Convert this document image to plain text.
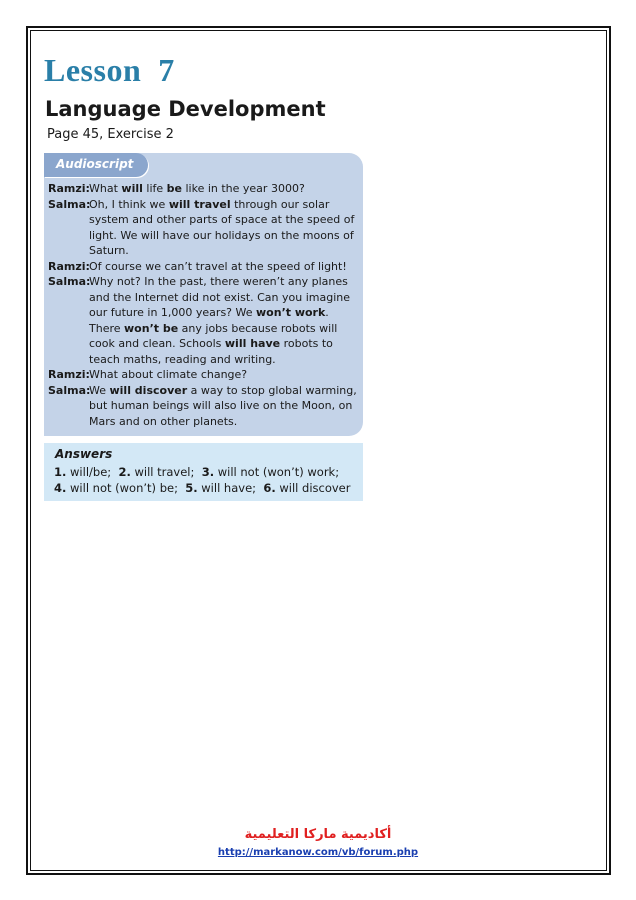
Lesson  7
Language Development
Page 45, Exercise 2
Audioscript
Ramzi: What will life be like in the year 3000?
Salma:
Oh, I think we will travel through our solar system and other parts of space at the speed of light. We will have our holidays on the moons of Saturn.
Ramzi: Of course we can’t travel at the speed of light!
Salma:
Why not? In the past, there weren’t any planes and the Internet did not exist. Can you imagine our future in 1,000 years? We won’t work. There won’t be any jobs because robots will cook and clean. Schools will have robots to teach maths, reading and writing.
Ramzi: What about climate change?
Salma:
We will discover a way to stop global warming, but human beings will also live on the Moon, on Mars and on other planets.
Answers
1. will/be;  2. will travel;  3. will not (won’t) work;
4. will not (won’t) be;  5. will have;  6. will discover
أكاديمية ماركا التعليمية
http://markanow.com/vb/forum.php
